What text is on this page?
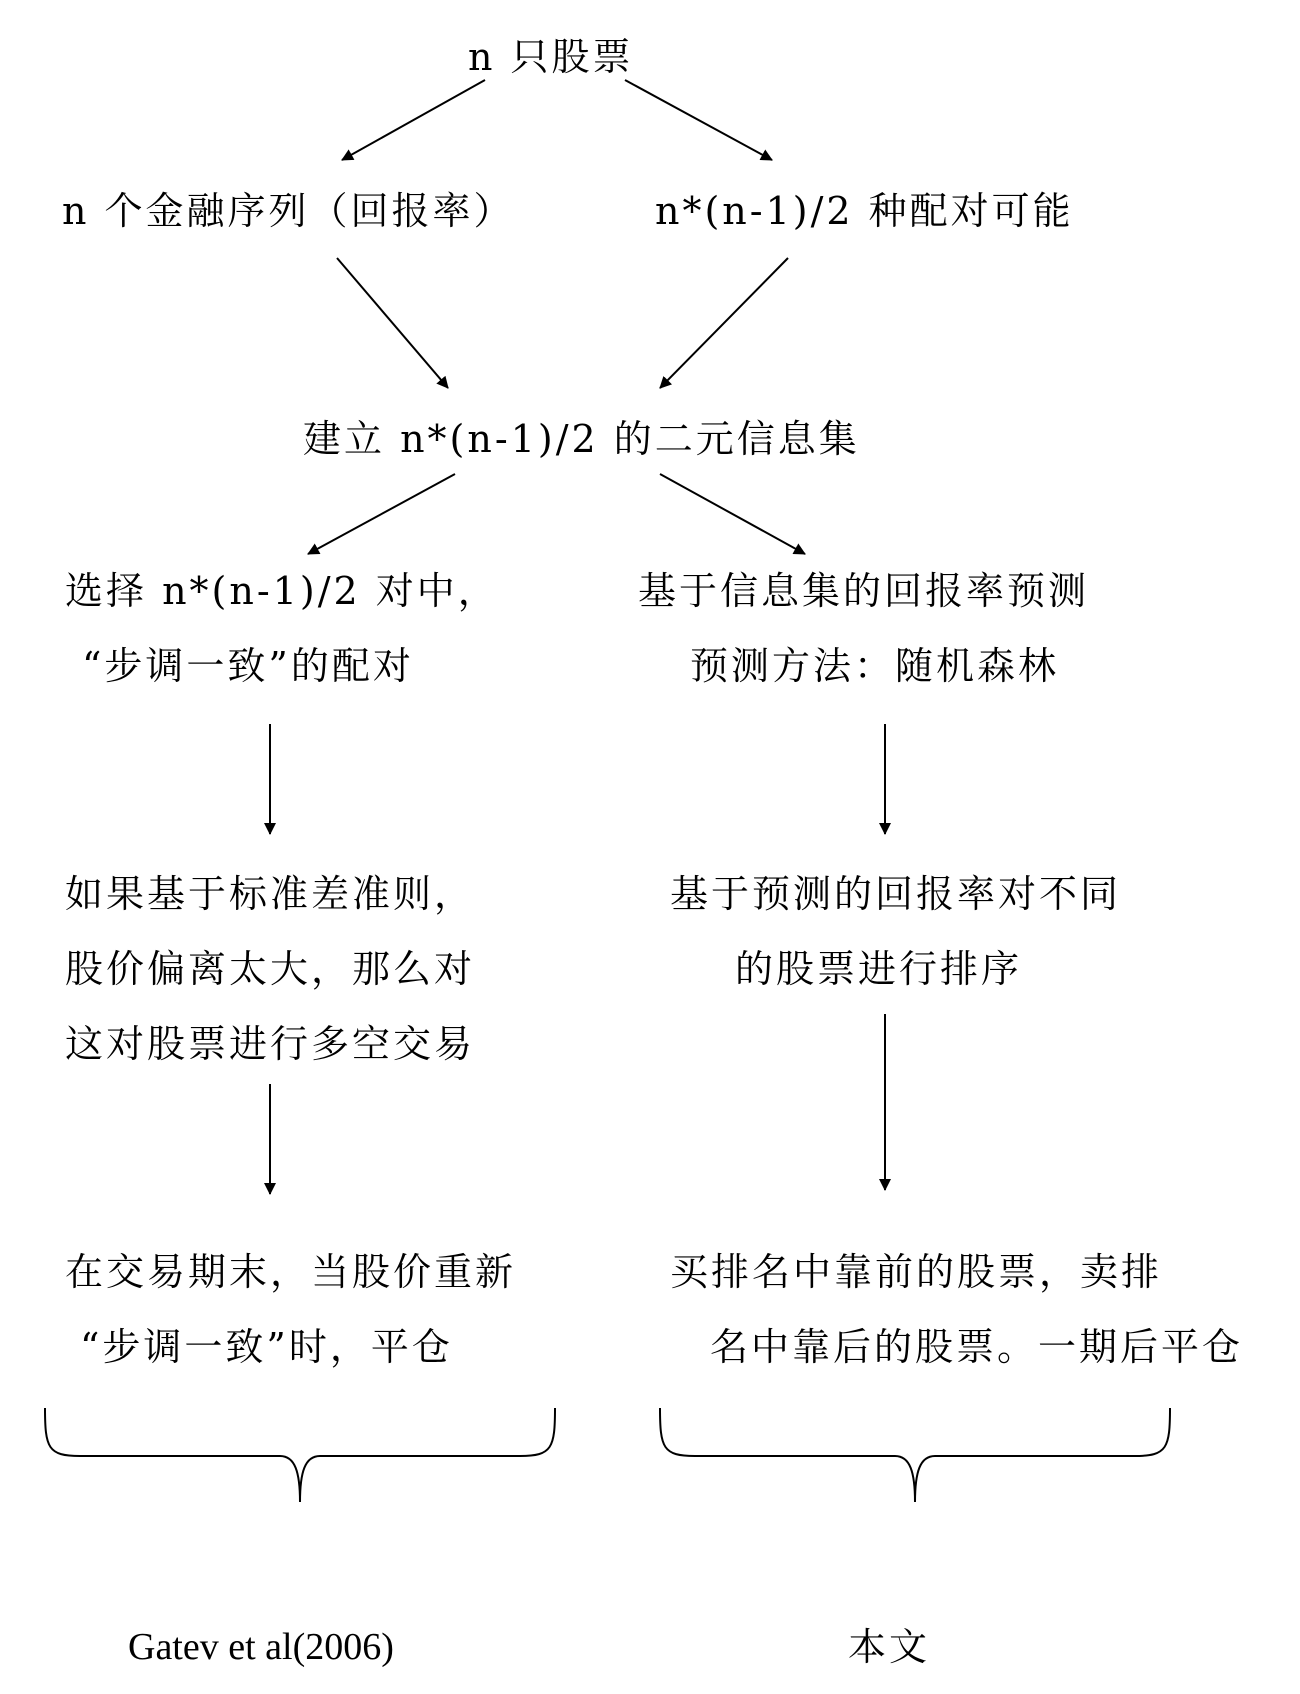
n 只股票
n 个金融序列（回报率）	n*(n-1)/2 种配对可能
建立 n*(n-1)/2 的二元信息集
选择 n*(n-1)/2 对中，
“步调一致”的配对
基于信息集的回报率预测
预测方法：随机森林
如果基于标准差准则，
股价偏离太大，那么对
这对股票进行多空交易
基于预测的回报率对不同
的股票进行排序
在交易期末，当股价重新
“步调一致”时，平仓
买排名中靠前的股票，卖排
名中靠后的股票。一期后平仓
Gatev et al(2006)	本文
